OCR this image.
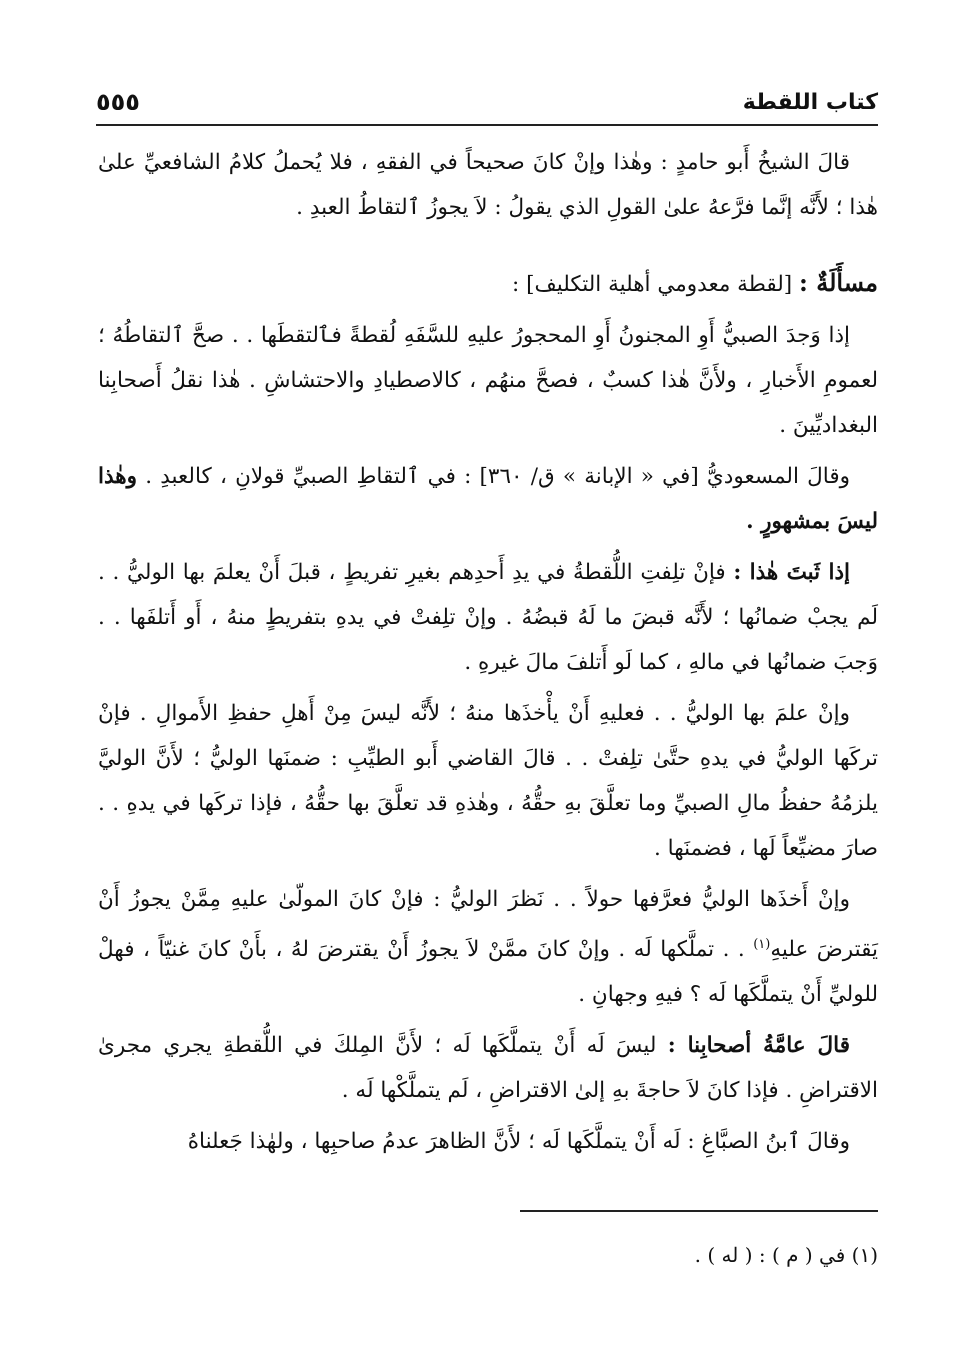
كتاب اللقطة
٥٥٥

قالَ الشيخُ أَبو حامدٍ : وهٰذا وإنْ كانَ صحيحاً في الفقهِ ، فلا يُحملُ كلامُ الشافعيِّ علىٰ هٰذا ؛ لأَنَّه إنَّما فرَّعهُ علىٰ القولِ الذي يقولُ : لاَ يجوزُ ٱلتقاطُ العبدِ .

مسأَلَةٌ : [لقطة معدومي أهلية التكليف] :

إذا وَجدَ الصبيُّ أَوِ المجنونُ أَوِ المحجورُ عليهِ للسَّفَهِ لُقطةً فٱلتقطَها . . صحَّ ٱلتقاطُهُ ؛ لعمومِ الأَخبارِ ، ولأَنَّ هٰذا كسبٌ ، فصحَّ منهُم ، كالاصطيادِ والاحتشاشِ . هٰذا نقلُ أَصحابِنا البغداديِّينَ .

وقالَ المسعوديُّ [في « الإبانة » ق/ ٣٦٠] : في ٱلتقاطِ الصبيِّ قولانِ ، كالعبدِ . وهٰذا ليسَ بمشهورٍ .

إذا ثَبتَ هٰذا : فإنْ تلِفتِ اللُّقطةُ في يدِ أَحدِهم بغيرِ تفريطٍ ، قبلَ أَنْ يعلمَ بها الوليُّ . . لَم يجبْ ضمانُها ؛ لأَنَّه قبضَ ما لَهُ قبضُهُ . وإنْ تلِفتْ في يدهِ بتفريطٍ منهُ ، أَو أَتلفَها . . وَجبَ ضمانُها في مالهِ ، كما لَو أَتلفَ مالَ غيرهِ .

وإنْ علمَ بها الوليُّ . . فعليهِ أَنْ يأْخذَها منهُ ؛ لأَنَّه ليسَ مِنْ أَهلِ حفظِ الأَموالِ . فإنْ تركَها الوليُّ في يدهِ حتَّىٰ تلِفتْ . . قالَ القاضي أَبو الطيِّبِ : ضمنَها الوليُّ ؛ لأَنَّ الوليَّ يلزمُهُ حفظُ مالِ الصبيِّ وما تعلَّقَ بهِ حقُّهُ ، وهٰذهِ قد تعلَّقَ بها حقُّهُ ، فإذا تركَها في يدهِ . . صارَ مضيِّعاً لَها ، فضمنَها .

وإنْ أَخذَها الوليُّ فعرَّفها حولاً . . نَظرَ الوليُّ : فإنْ كانَ المولّىٰ عليهِ مِمَّنْ يجوزُ أَنْ يَقترضَ عليهِ$^{(١)}$ . . تملَّكها لَه . وإنْ كانَ ممَّنْ لاَ يجوزُ أَنْ يقترضَ لهُ ، بأَنْ كانَ غنيّاً ، فهلْ للوليِّ أَنْ يتملَّكَها لَه ؟ فيهِ وجهانِ .

قالَ عامَّةُ أصحابِنا : ليسَ لَه أَنْ يتملَّكَها لَه ؛ لأَنَّ المِلكَ في اللُّقطةِ يجري مجرىٰ الاقتراضِ . فإذا كانَ لاَ حاجةَ بهِ إلىٰ الاقتراضِ ، لَم يتملَّكْها لَه .

وقالَ ٱبنُ الصبَّاغِ : لَه أَنْ يتملَّكَها لَه ؛ لأَنَّ الظاهرَ عدمُ صاحبِها ، ولهٰذا جَعلناهُ

(١) في ( م ) : ( له ) .
